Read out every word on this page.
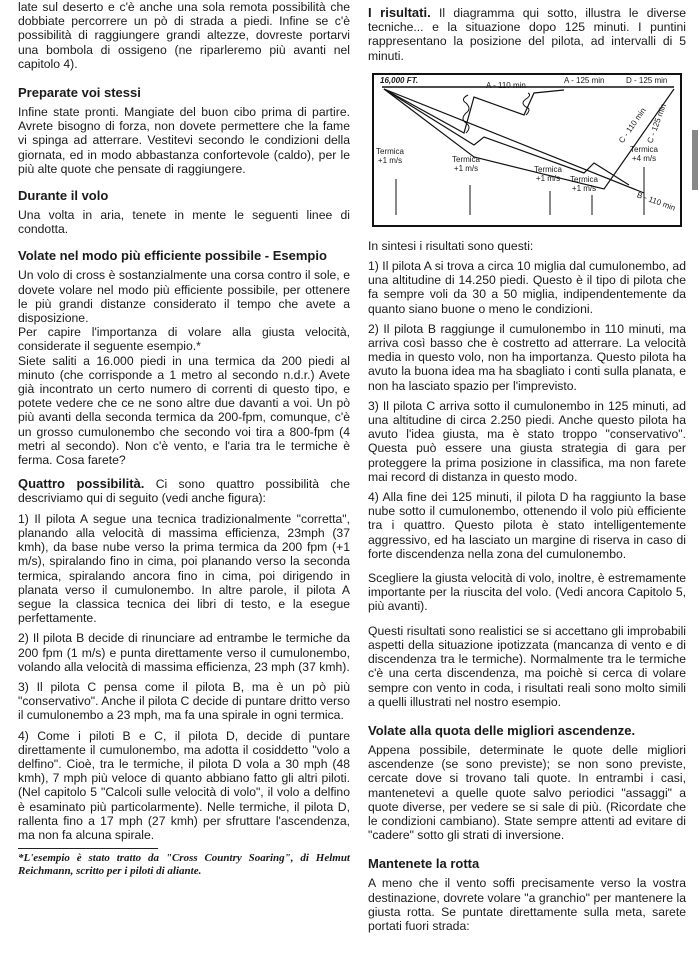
late sul deserto e c'è anche una sola remota possibilità che dobbiate percorrere un pò di strada a piedi. Infine se c'è possibilità di raggiungere grandi altezze, dovreste portarvi una bombola di ossigeno (ne riparleremo più avanti nel capitolo 4).

Preparate voi stessi

Infine state pronti. Mangiate del buon cibo prima di partire. Avrete bisogno di forza, non dovete permettere che la fame vi spinga ad atterrare. Vestitevi secondo le condizioni della giornata, ed in modo abbastanza confortevole (caldo), per le più alte quote che pensate di raggiungere.

Durante il volo

Una volta in aria, tenete in mente le seguenti linee di condotta.

Volate nel modo più efficiente possibile - Esempio

Un volo di cross è sostanzialmente una corsa contro il sole, e dovete volare nel modo più efficiente possibile, per ottenere le più grandi distanze considerato il tempo che avete a disposizione.

Per capire l'importanza di volare alla giusta velocità, considerate il seguente esempio.*

Siete saliti a 16.000 piedi in una termica da 200 piedi al minuto (che corrisponde a 1 metro al secondo n.d.r.) Avete già incontrato un certo numero di correnti di questo tipo, e potete vedere che ce ne sono altre due davanti a voi. Un pò più avanti della seconda termica da 200-fpm, comunque, c'è un grosso cumulonembo che secondo voi tira a 800-fpm (4 metri al secondo). Non c'è vento, e l'aria tra le termiche è ferma. Cosa farete?

Quattro possibilità. Ci sono quattro possibilità che descriviamo qui di seguito (vedi anche figura):

1) Il pilota A segue una tecnica tradizionalmente "corretta", planando alla velocità di massima efficienza, 23mph (37 kmh), da base nube verso la prima termica da 200 fpm (+1 m/s), spiralando fino in cima, poi planando verso la seconda termica, spiralando ancora fino in cima, poi dirigendo in planata verso il cumulonembo. In altre parole, il pilota A segue la classica tecnica dei libri di testo, e la esegue perfettamente.

2) Il pilota B decide di rinunciare ad entrambe le termiche da 200 fpm (1 m/s) e punta direttamente verso il cumulonembo, volando alla velocità di massima efficienza, 23 mph (37 kmh).

3) Il pilota C pensa come il pilota B, ma è un pò più "conservativo". Anche il pilota C decide di puntare dritto verso il cumulonembo a 23 mph, ma fa una spirale in ogni termica.

4) Come i piloti B e C, il pilota D, decide di puntare direttamente il cumulonembo, ma adotta il cosiddetto "volo a delfino". Cioè, tra le termiche, il pilota D vola a 30 mph (48 kmh), 7 mph più veloce di quanto abbiano fatto gli altri piloti. (Nel capitolo 5 "Calcoli sulle velocità di volo", il volo a delfino è esaminato più particolarmente). Nelle termiche, il pilota D, rallenta fino a 17 mph (27 kmh) per sfruttare l'ascendenza, ma non fa alcuna spirale.

*L'esempio è stato tratto da "Cross Country Soaring", di Helmut Reichmann, scritto per i piloti di aliante.

I risultati. Il diagramma qui sotto, illustra le diverse tecniche... e la situazione dopo 125 minuti. I puntini rappresentano la posizione del pilota, ad intervalli di 5 minuti.

16,000 FT.
A - 110 min
A - 125 min	D - 125 min
C - 110 min
C - 125 min
B - 110 min
Termica
+1 m/s	Termica
+1 m/s	Termica
+1 m/s Termica
+1 m/s
Termica
+4 m/s

In sintesi i risultati sono questi:

1) Il pilota A si trova a circa 10 miglia dal cumulonembo, ad una altitudine di 14.250 piedi. Questo è il tipo di pilota che fa sempre voli da 30 a 50 miglia, indipendentemente da quanto siano buone o meno le condizioni.

2) Il pilota B raggiunge il cumulonembo in 110 minuti, ma arriva così basso che è costretto ad atterrare. La velocità media in questo volo, non ha importanza. Questo pilota ha avuto la buona idea ma ha sbagliato i conti sulla planata, e non ha lasciato spazio per l'imprevisto.

3) Il pilota C arriva sotto il cumulonembo in 125 minuti, ad una altitudine di circa 2.250 piedi. Anche questo pilota ha avuto l'idea giusta, ma è stato troppo "conservativo". Questa può essere una giusta strategia di gara per proteggere la prima posizione in classifica, ma non farete mai record di distanza in questo modo.

4) Alla fine dei 125 minuti, il pilota D ha raggiunto la base nube sotto il cumulonembo, ottenendo il volo più efficiente tra i quattro. Questo pilota è stato intelligentemente aggressivo, ed ha lasciato un margine di riserva in caso di forte discendenza nella zona del cumulonembo.

Scegliere la giusta velocità di volo, inoltre, è estremamente importante per la riuscita del volo. (Vedi ancora Capitolo 5, più avanti).

Questi risultati sono realistici se si accettano gli improbabili aspetti della situazione ipotizzata (mancanza di vento e di discendenza tra le termiche). Normalmente tra le termiche c'è una certa discendenza, ma poichè si cerca di volare sempre con vento in coda, i risultati reali sono molto simili a quelli illustrati nel nostro esempio.

Volate alla quota delle migliori ascendenze.

Appena possibile, determinate le quote delle migliori ascendenze (se sono previste); se non sono previste, cercate dove si trovano tali quote. In entrambi i casi, mantenetevi a quelle quote salvo periodici "assaggi" a quote diverse, per vedere se si sale di più. (Ricordate che le condizioni cambiano). State sempre attenti ad evitare di "cadere" sotto gli strati di inversione.

Mantenete la rotta

A meno che il vento soffi precisamente verso la vostra destinazione, dovrete volare "a granchio" per mantenere la giusta rotta. Se puntate direttamente sulla meta, sarete portati fuori strada:
